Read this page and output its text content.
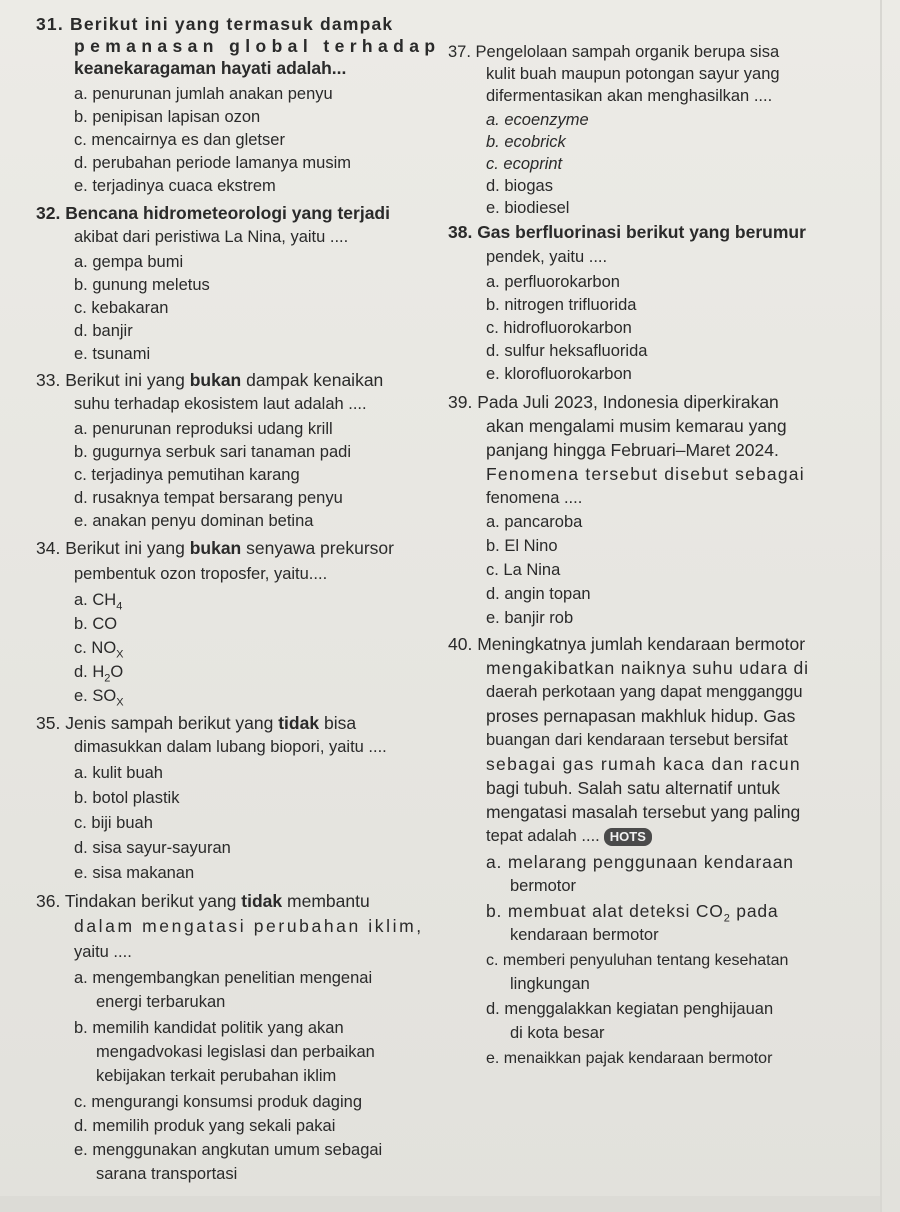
31. Berikut ini yang termasuk dampak
pemanasan global terhadap
keanekaragaman hayati adalah...
a. penurunan jumlah anakan penyu
b. penipisan lapisan ozon
c. mencairnya es dan gletser
d. perubahan periode lamanya musim
e. terjadinya cuaca ekstrem
32. Bencana hidrometeorologi yang terjadi
akibat dari peristiwa La Nina, yaitu ....
a. gempa bumi
b. gunung meletus
c. kebakaran
d. banjir
e. tsunami
33. Berikut ini yang bukan dampak kenaikan
suhu terhadap ekosistem laut adalah ....
a. penurunan reproduksi udang krill
b. gugurnya serbuk sari tanaman padi
c. terjadinya pemutihan karang
d. rusaknya tempat bersarang penyu
e. anakan penyu dominan betina
34. Berikut ini yang bukan senyawa prekursor
pembentuk ozon troposfer, yaitu....
a. $CH_4$
b. CO
c. $NO_X$
d. $H_2O$
e. $SO_X$
35. Jenis sampah berikut yang tidak bisa
dimasukkan dalam lubang biopori, yaitu ....
a. kulit buah
b. botol plastik
c. biji buah
d. sisa sayur-sayuran
e. sisa makanan
36. Tindakan berikut yang tidak membantu
dalam mengatasi perubahan iklim,
yaitu ....
a. mengembangkan penelitian mengenai
energi terbarukan
b. memilih kandidat politik yang akan
mengadvokasi legislasi dan perbaikan
kebijakan terkait perubahan iklim
c. mengurangi konsumsi produk daging
d. memilih produk yang sekali pakai
e. menggunakan angkutan umum sebagai
sarana transportasi
37. Pengelolaan sampah organik berupa sisa
kulit buah maupun potongan sayur yang
difermentasikan akan menghasilkan ....
a. ecoenzyme
b. ecobrick
c. ecoprint
d. biogas
e. biodiesel
38. Gas berfluorinasi berikut yang berumur
pendek, yaitu ....
a. perfluorokarbon
b. nitrogen trifluorida
c. hidrofluorokarbon
d. sulfur heksafluorida
e. klorofluorokarbon
39. Pada Juli 2023, Indonesia diperkirakan
akan mengalami musim kemarau yang
panjang hingga Februari–Maret 2024.
Fenomena tersebut disebut sebagai
fenomena ....
a. pancaroba
b. El Nino
c. La Nina
d. angin topan
e. banjir rob
40. Meningkatnya jumlah kendaraan bermotor
mengakibatkan naiknya suhu udara di
daerah perkotaan yang dapat mengganggu
proses pernapasan makhluk hidup. Gas
buangan dari kendaraan tersebut bersifat
sebagai gas rumah kaca dan racun
bagi tubuh. Salah satu alternatif untuk
mengatasi masalah tersebut yang paling
tepat adalah .... HOTS
a. melarang penggunaan kendaraan
bermotor
b. membuat alat deteksi $CO_2$ pada
kendaraan bermotor
c. memberi penyuluhan tentang kesehatan
lingkungan
d. menggalakkan kegiatan penghijauan
di kota besar
e. menaikkan pajak kendaraan bermotor
